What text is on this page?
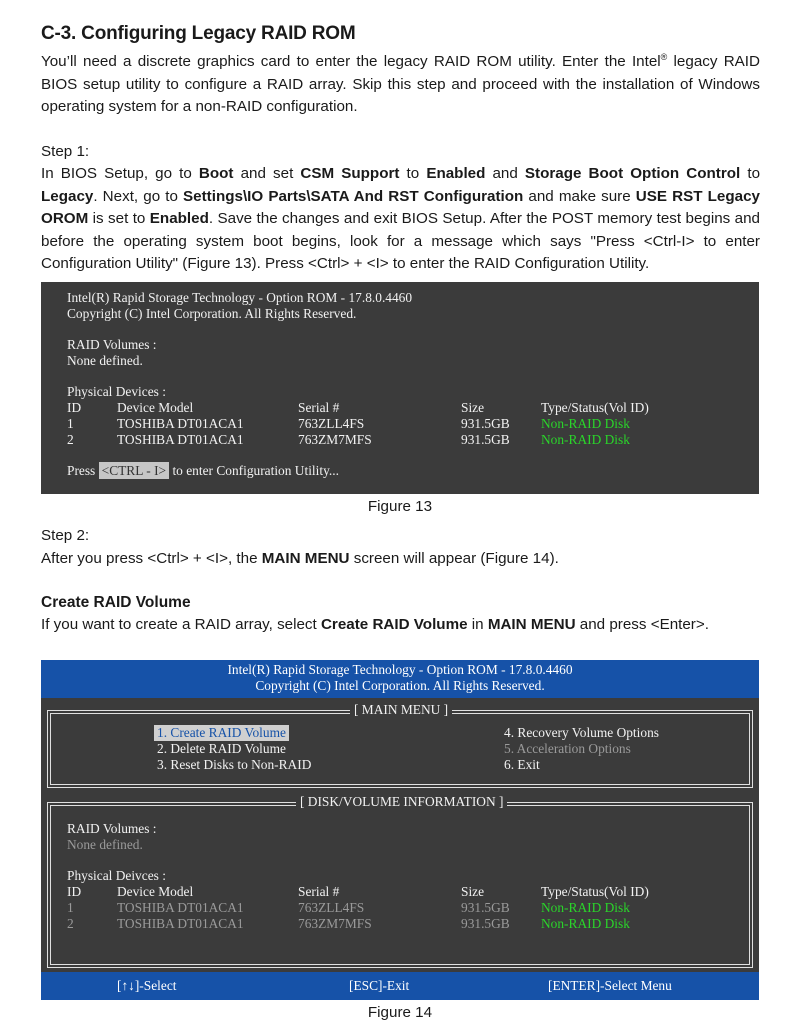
C-3. Configuring Legacy RAID ROM

You’ll need a discrete graphics card to enter the legacy RAID ROM utility. Enter the Intel® legacy RAID BIOS setup utility to configure a RAID array. Skip this step and proceed with the installation of Windows operating system for a non-RAID configuration.

Step 1:

In BIOS Setup, go to Boot and set CSM Support to Enabled and Storage Boot Option Control to Legacy. Next, go to Settings\IO Parts\SATA And RST Configuration and make sure USE RST Legacy OROM is set to Enabled. Save the changes and exit BIOS Setup. After the POST memory test begins and before the operating system boot begins, look for a message which says "Press <Ctrl-I> to enter Configuration Utility" (Figure 13). Press <Ctrl> + <I> to enter the RAID Configuration Utility.

Intel(R) Rapid Storage Technology - Option ROM - 17.8.0.4460
Copyright (C) Intel Corporation. All Rights Reserved.
RAID Volumes :
None defined.
Physical Devices :
ID	Device Model	Serial #	Size	Type/Status(Vol ID)
1	TOSHIBA DT01ACA1	763ZLL4FS	931.5GB Non-RAID Disk
2	TOSHIBA DT01ACA1	763ZM7MFS	931.5GB Non-RAID Disk
Press <CTRL - I> to enter Configuration Utility...
Figure 13

Step 2:

After you press <Ctrl> + <I>, the MAIN MENU screen will appear (Figure 14).

Create RAID Volume

If you want to create a RAID array, select Create RAID Volume in MAIN MENU and press <Enter>.

Intel(R) Rapid Storage Technology - Option ROM - 17.8.0.4460
Copyright (C) Intel Corporation. All Rights Reserved.
[ MAIN MENU ]
1. Create RAID Volume
2. Delete RAID Volume
3. Reset Disks to Non-RAID
4. Recovery Volume Options
5. Acceleration Options
6. Exit
[ DISK/VOLUME INFORMATION ]
RAID Volumes :
None defined.
Physical Deivces :
ID	Device Model	Serial #	Size	Type/Status(Vol ID)
1	TOSHIBA DT01ACA1	763ZLL4FS	931.5GB Non-RAID Disk
2	TOSHIBA DT01ACA1	763ZM7MFS	931.5GB Non-RAID Disk
[↑↓]-Select	[ESC]-Exit	[ENTER]-Select Menu
Figure 14
